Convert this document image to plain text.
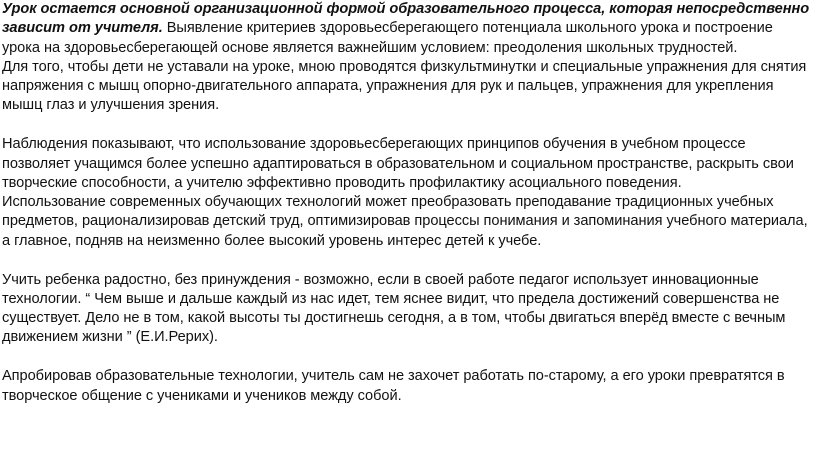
Урок остается основной организационной формой образовательного процесса, которая непосредственно зависит от учителя. Выявление критериев здоровьесберегающего потенциала школьного урока и построение урока на здоровьесберегающей основе является важнейшим условием: преодоления школьных трудностей.

Для того, чтобы дети не уставали на уроке, мною проводятся физкультминутки и специальные упражнения для снятия напряжения с мышц опорно-двигательного аппарата, упражнения для рук и пальцев, упражнения для укрепления мышц глаз и улучшения зрения.

Наблюдения показывают, что использование здоровьесберегающих принципов обучения в учебном процессе позволяет учащимся более успешно адаптироваться в образовательном и социальном пространстве, раскрыть свои творческие способности, а учителю эффективно проводить профилактику асоциального поведения.

Использование современных обучающих технологий может преобразовать преподавание традиционных учебных предметов, рационализировав детский труд, оптимизировав процессы понимания и запоминания учебного материала, а главное, подняв на неизменно более высокий уровень интерес детей к учебе.

Учить ребенка радостно, без принуждения - возможно, если в своей работе педагог использует инновационные технологии. “ Чем выше и дальше каждый из нас идет, тем яснее видит, что предела достижений совершенства не существует. Дело не в том, какой высоты ты достигнешь сегодня, а в том, чтобы двигаться вперёд вместе с вечным движением жизни ” (Е.И.Рерих).

Апробировав образовательные технологии, учитель сам не захочет работать по-старому, а его уроки превратятся в творческое общение с учениками и учеников между собой.
